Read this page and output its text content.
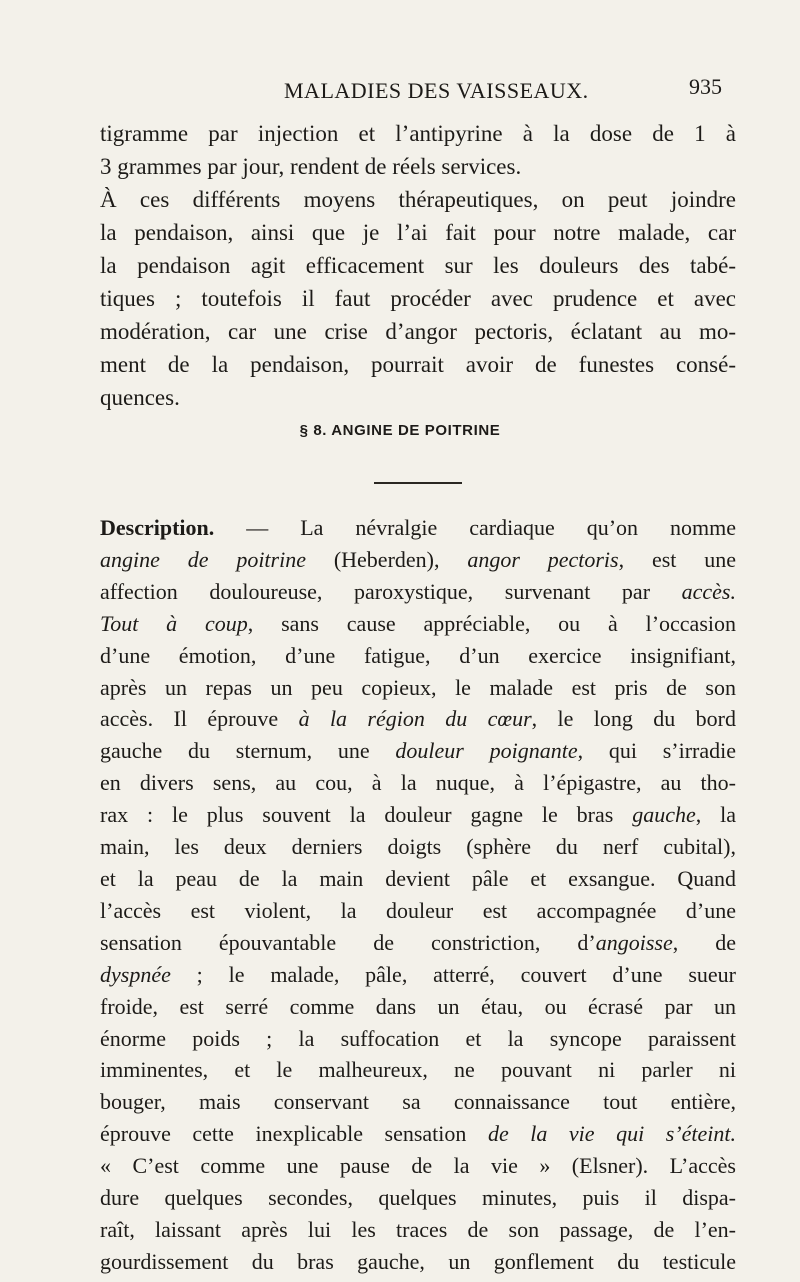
MALADIES DES VAISSEAUX.	935
tigramme par injection et l’antipyrine à la dose de 1 à
3 grammes par jour, rendent de réels services.
À ces différents moyens thérapeutiques, on peut joindre
la pendaison, ainsi que je l’ai fait pour notre malade, car
la pendaison agit efficacement sur les douleurs des tabé-
tiques ; toutefois il faut procéder avec prudence et avec
modération, car une crise d’angor pectoris, éclatant au mo-
ment de la pendaison, pourrait avoir de funestes consé-
quences.
§ 8. ANGINE DE POITRINE
Description. — La névralgie cardiaque qu’on nomme
angine de poitrine (Heberden), angor pectoris, est une
affection douloureuse, paroxystique, survenant par accès.
Tout à coup, sans cause appréciable, ou à l’occasion
d’une émotion, d’une fatigue, d’un exercice insignifiant,
après un repas un peu copieux, le malade est pris de son
accès. Il éprouve à la région du cœur, le long du bord
gauche du sternum, une douleur poignante, qui s’irradie
en divers sens, au cou, à la nuque, à l’épigastre, au tho-
rax : le plus souvent la douleur gagne le bras gauche, la
main, les deux derniers doigts (sphère du nerf cubital),
et la peau de la main devient pâle et exsangue. Quand
l’accès est violent, la douleur est accompagnée d’une
sensation épouvantable de constriction, d’angoisse, de
dyspnée ; le malade, pâle, atterré, couvert d’une sueur
froide, est serré comme dans un étau, ou écrasé par un
énorme poids ; la suffocation et la syncope paraissent
imminentes, et le malheureux, ne pouvant ni parler ni
bouger, mais conservant sa connaissance tout entière,
éprouve cette inexplicable sensation de la vie qui s’éteint.
« C’est comme une pause de la vie » (Elsner). L’accès
dure quelques secondes, quelques minutes, puis il dispa-
raît, laissant après lui les traces de son passage, de l’en-
gourdissement du bras gauche, un gonflement du testicule
